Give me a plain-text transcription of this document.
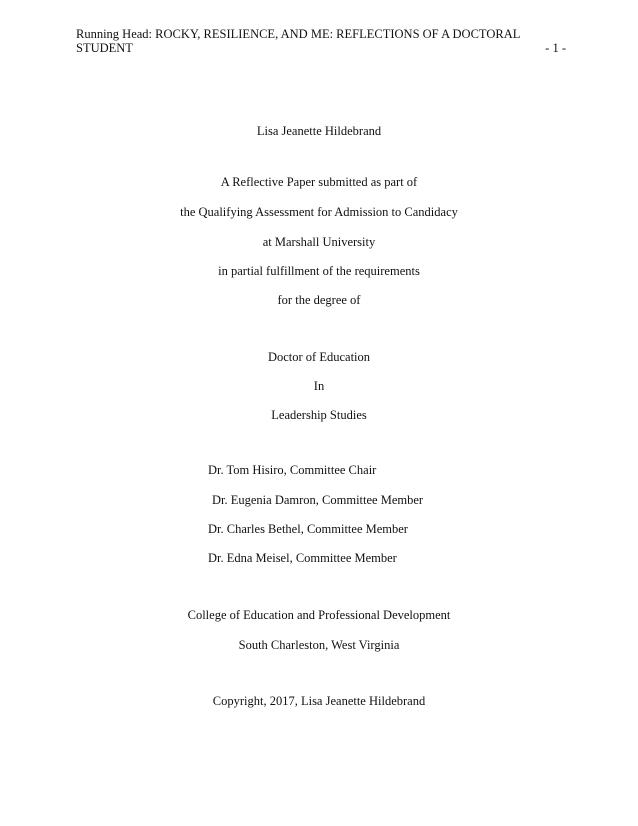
Running Head: ROCKY, RESILIENCE, AND ME: REFLECTIONS OF A DOCTORAL
STUDENT	- 1 -
Lisa Jeanette Hildebrand
A Reflective Paper submitted as part of
the Qualifying Assessment for Admission to Candidacy
at Marshall University
in partial fulfillment of the requirements
for the degree of
Doctor of Education
In
Leadership Studies
Dr. Tom Hisiro, Committee Chair
Dr. Eugenia Damron, Committee Member
Dr. Charles Bethel, Committee Member
Dr. Edna Meisel, Committee Member
College of Education and Professional Development
South Charleston, West Virginia
Copyright, 2017, Lisa Jeanette Hildebrand
